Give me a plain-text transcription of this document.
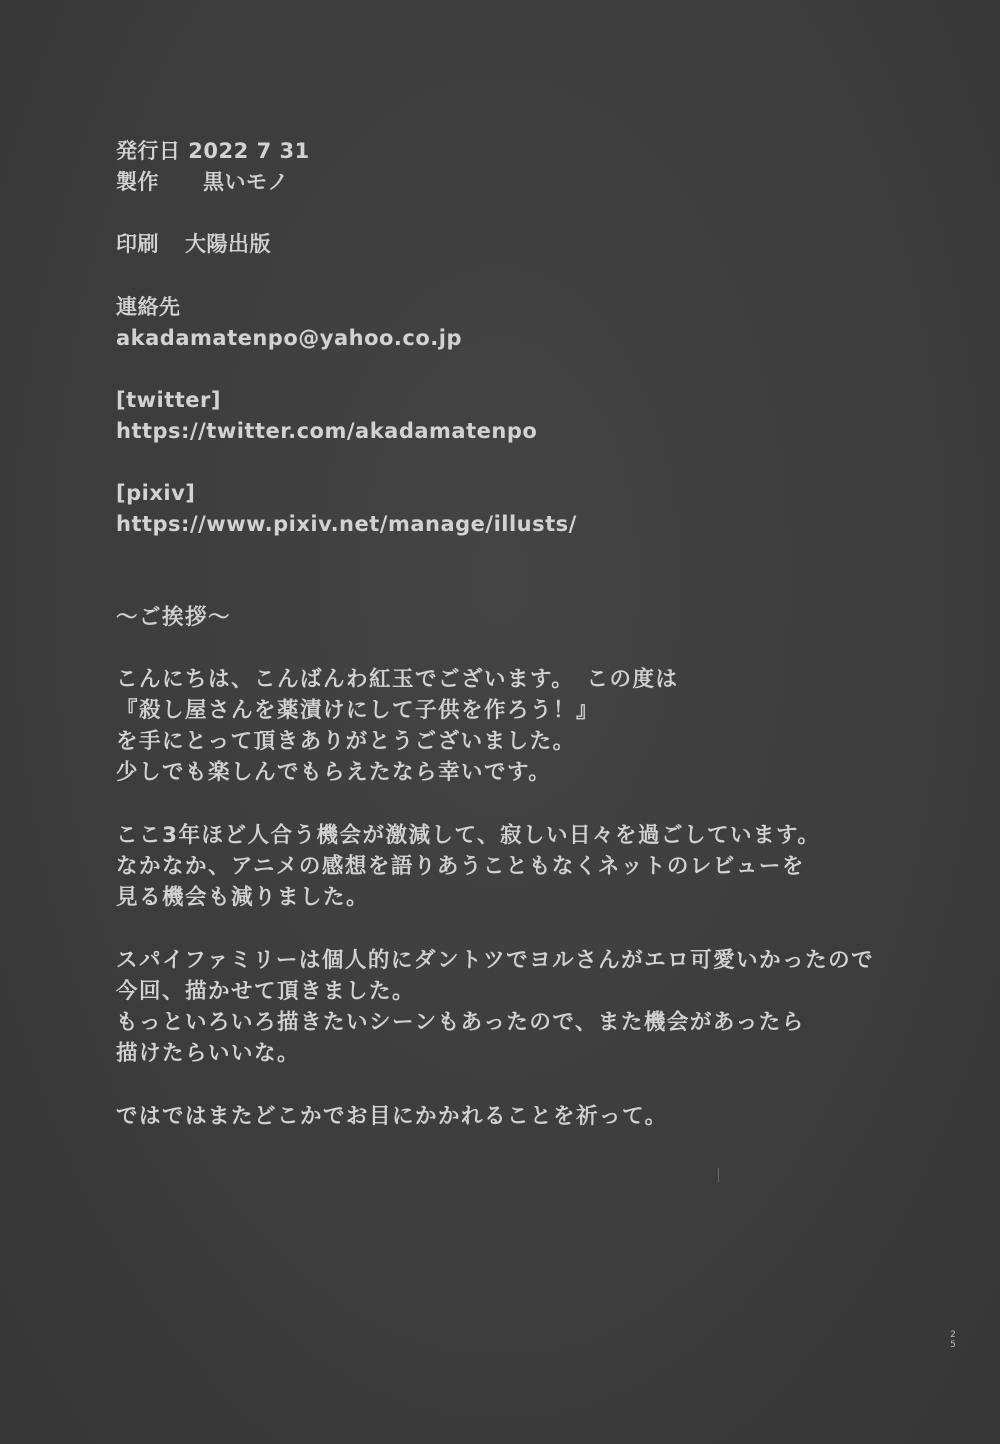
発行日 2022 7 31
製作 黒いモノ
印刷 大陽出版
連絡先
akadamatenpo@yahoo.co.jp
[twitter]
https://twitter.com/akadamatenpo
[pixiv]
https://www.pixiv.net/manage/illusts/
〜ご挨拶〜
こんにちは、こんばんわ紅玉でございます。　この度は
『殺し屋さんを薬漬けにして子供を作ろう！』
を手にとって頂きありがとうございました。
少しでも楽しんでもらえたなら幸いです。
ここ3年ほど人合う機会が激減して、寂しい日々を過ごしています。
なかなか、アニメの感想を語りあうこともなくネットのレビューを
見る機会も減りました。
スパイファミリーは個人的にダントツでヨルさんがエロ可愛いかったので
今回、描かせて頂きました。
もっといろいろ描きたいシーンもあったので、また機会があったら
描けたらいいな。
ではではまたどこかでお目にかかれることを祈って。
2
5
